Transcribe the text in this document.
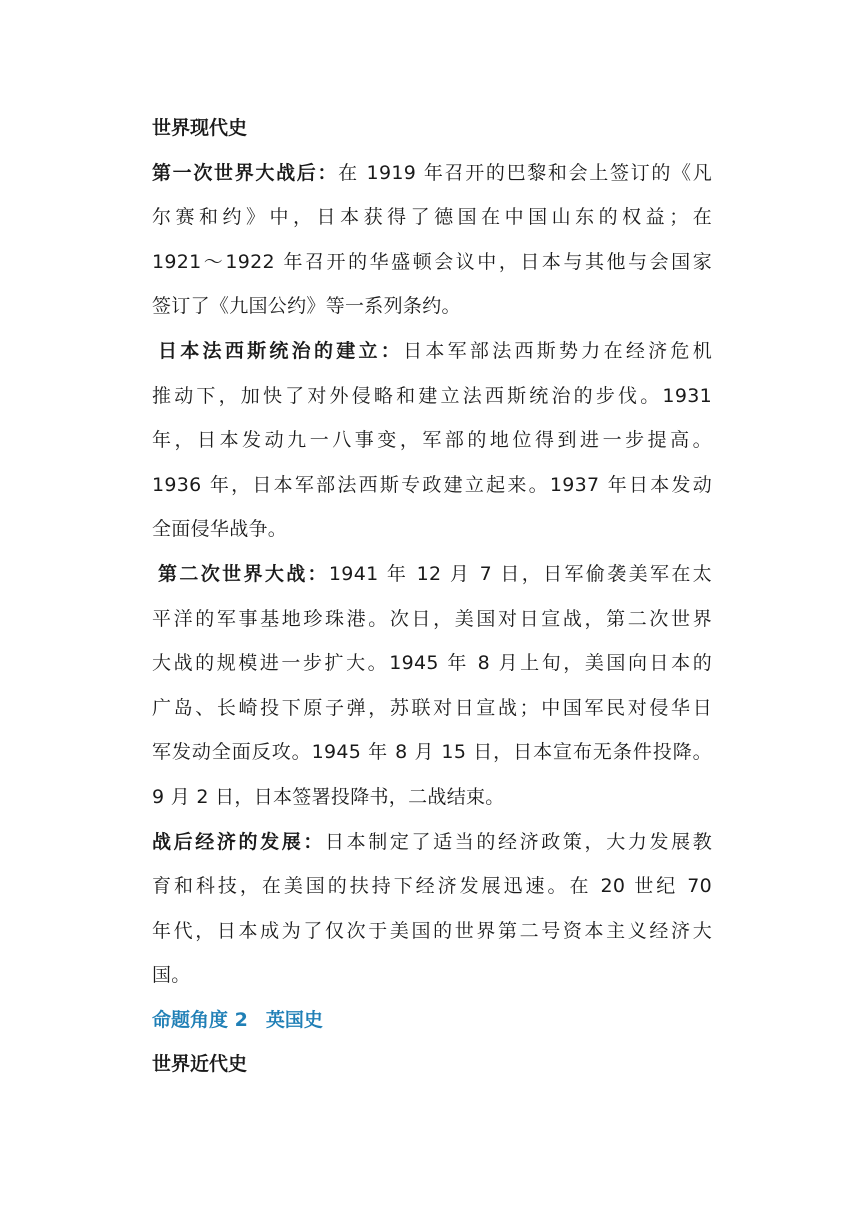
世界现代史
第一次世界大战后：在 1919 年召开的巴黎和会上签订的《凡
尔赛和约》中，日本获得了德国在中国山东的权益；在
1921～1922 年召开的华盛顿会议中，日本与其他与会国家
签订了《九国公约》等一系列条约。
日本法西斯统治的建立：日本军部法西斯势力在经济危机
推动下，加快了对外侵略和建立法西斯统治的步伐。1931
年，日本发动九一八事变，军部的地位得到进一步提高。
1936 年，日本军部法西斯专政建立起来。1937 年日本发动
全面侵华战争。
第二次世界大战：1941 年 12 月 7 日，日军偷袭美军在太
平洋的军事基地珍珠港。次日，美国对日宣战，第二次世界
大战的规模进一步扩大。1945 年 8 月上旬，美国向日本的
广岛、长崎投下原子弹，苏联对日宣战；中国军民对侵华日
军发动全面反攻。1945 年 8 月 15 日，日本宣布无条件投降。
9 月 2 日，日本签署投降书，二战结束。
战后经济的发展：日本制定了适当的经济政策，大力发展教
育和科技，在美国的扶持下经济发展迅速。在 20 世纪 70
年代，日本成为了仅次于美国的世界第二号资本主义经济大
国。
命题角度 2 英国史
世界近代史
